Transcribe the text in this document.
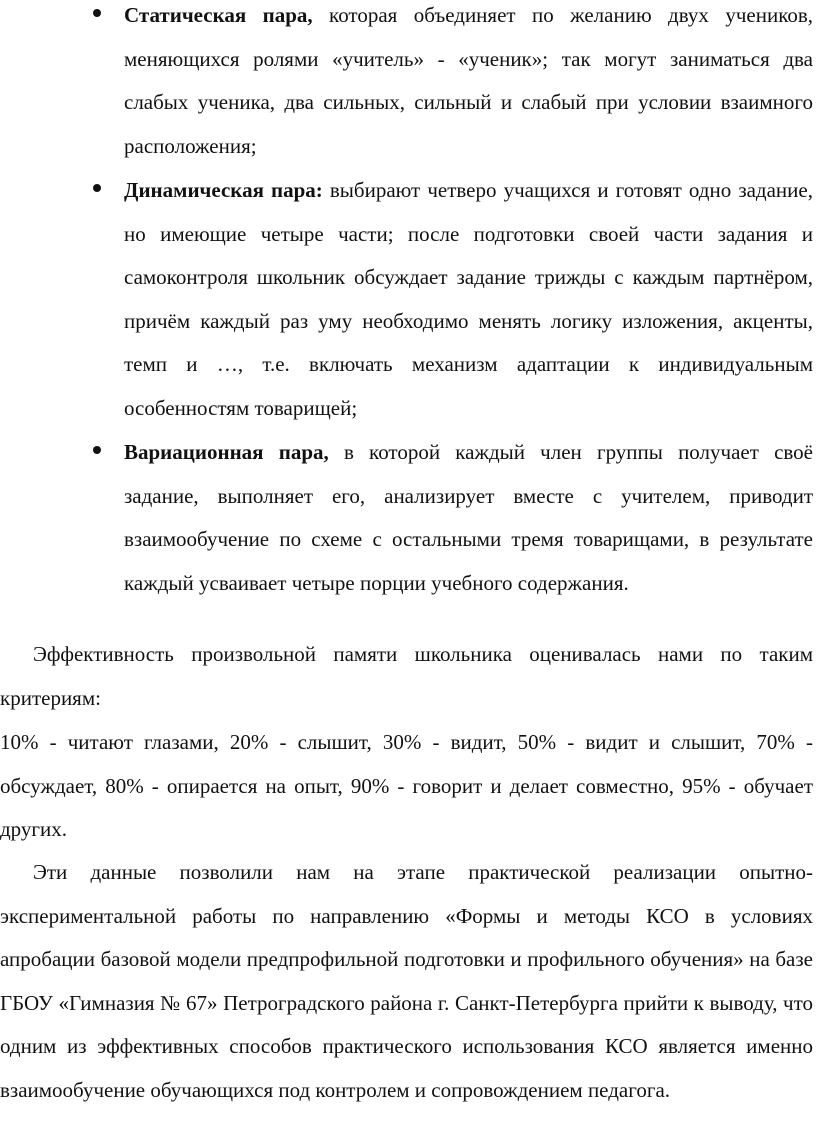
Статическая пара, которая объединяет по желанию двух учеников, меняющихся ролями «учитель» - «ученик»; так могут заниматься два слабых ученика, два сильных, сильный и слабый при условии взаимного расположения;
Динамическая пара: выбирают четверо учащихся и готовят одно задание, но имеющие четыре части; после подготовки своей части задания и самоконтроля школьник обсуждает задание трижды с каждым партнёром, причём каждый раз уму необходимо менять логику изложения, акценты, темп и …, т.е. включать механизм адаптации к индивидуальным особенностям товарищей;
Вариационная пара, в которой каждый член группы получает своё задание, выполняет его, анализирует вместе с учителем, приводит взаимообучение по схеме с остальными тремя товарищами, в результате каждый усваивает четыре порции учебного содержания.

Эффективность произвольной памяти школьника оценивалась нами по таким критериям:

10% - читают глазами, 20% - слышит, 30% - видит, 50% - видит и слышит, 70% - обсуждает, 80% - опирается на опыт, 90% - говорит и делает совместно, 95% - обучает других.

Эти данные позволили нам на этапе практической реализации опытно-экспериментальной работы по направлению «Формы и методы КСО в условиях апробации базовой модели предпрофильной подготовки и профильного обучения» на базе ГБОУ «Гимназия № 67» Петроградского района г. Санкт-Петербурга прийти к выводу, что одним из эффективных способов практического использования КСО является именно взаимообучение обучающихся под контролем и сопровождением педагога.
